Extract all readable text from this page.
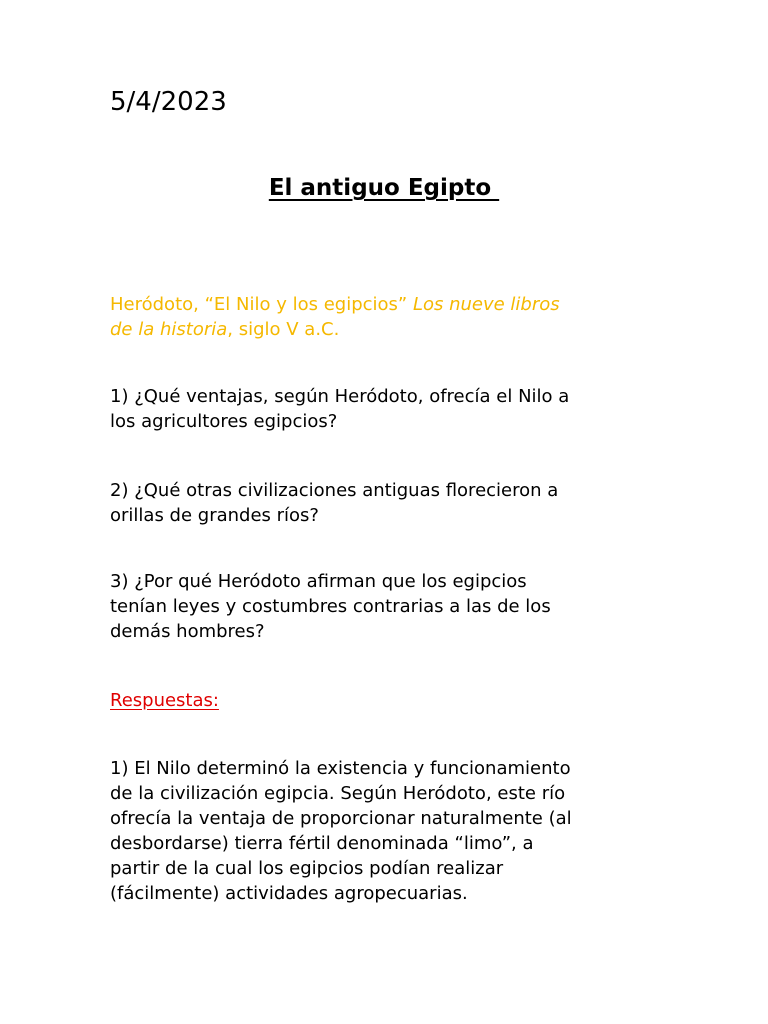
5/4/2023

El antiguo Egipto

Heródoto, “El Nilo y los egipcios” Los nueve libros
de la historia, siglo V a.C.

1) ¿Qué ventajas, según Heródoto, ofrecía el Nilo a
los agricultores egipcios?

2) ¿Qué otras civilizaciones antiguas florecieron a
orillas de grandes ríos?

3) ¿Por qué Heródoto afirman que los egipcios
tenían leyes y costumbres contrarias a las de los
demás hombres?

Respuestas:

1) El Nilo determinó la existencia y funcionamiento
de la civilización egipcia. Según Heródoto, este río
ofrecía la ventaja de proporcionar naturalmente (al
desbordarse) tierra fértil denominada “limo”, a
partir de la cual los egipcios podían realizar
(fácilmente) actividades agropecuarias.
